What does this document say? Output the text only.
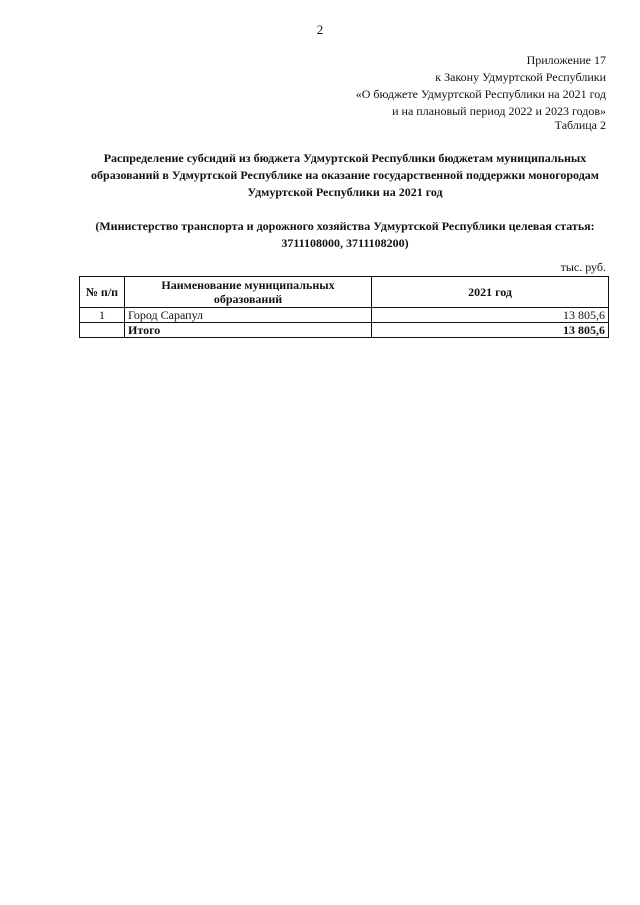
2
Приложение 17
к Закону Удмуртской Республики
«О бюджете Удмуртской Республики на 2021 год
и на плановый период 2022 и 2023 годов»
Таблица 2
Распределение субсидий из бюджета Удмуртской Республики бюджетам муниципальных
образований в Удмуртской Республике на оказание государственной поддержки моногородам
Удмуртской Республики на 2021 год
(Министерство транспорта и дорожного хозяйства Удмуртской Республики целевая статья:
3711108000, 3711108200)
тыс. руб.
№ п/п	Наименование муниципальных образований	2021 год
1	Город Сарапул	13 805,6
	Итого	13 805,6
